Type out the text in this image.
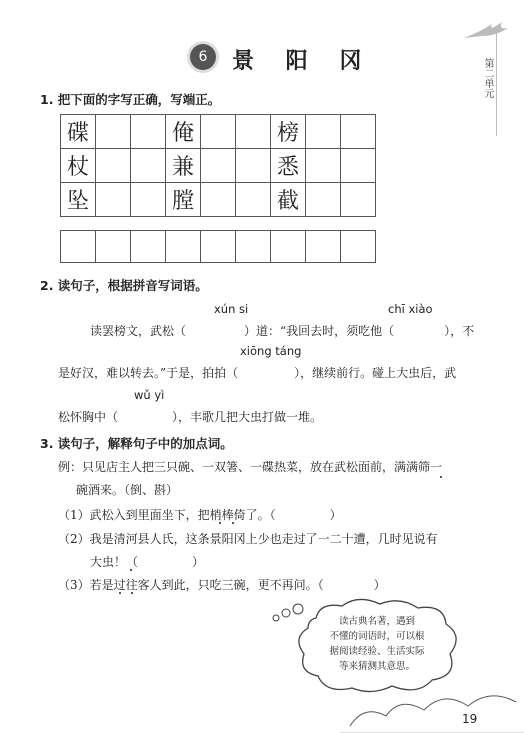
第二单元
6	景 阳 冈
1. 把下面的字写正确，写端正。
碟			俺			榜		
杖			兼			悉		
坠			膛			截		

2. 读句子，根据拼音写词语。
xún si	chī xiào
读罢榜文，武松（	）道：“我回去时，须吃他（	），不
xiōng táng
是好汉，难以转去。”于是，拍拍（	），继续前行。碰上大虫后，武
wǔ yì
松怀胸中（	），丰歌几把大虫打做一堆。
3. 读句子，解释句子中的加点词。
例：只见店主人把三只碗、一双箸、一碟热菜，放在武松面前，满满筛一
碗酒来。（倒、斟）
（1）武松入到里面坐下，把梢棒倚了。（	）
（2）我是清河县人氏，这条景阳冈上少也走过了一二十遭，几时见说有
大虫！（	）
（3）若是过往客人到此，只吃三碗，更不再问。（	）
读古典名著，遇到
不懂的词语时，可以根
据阅读经验、生活实际
等来猜测其意思。
19
